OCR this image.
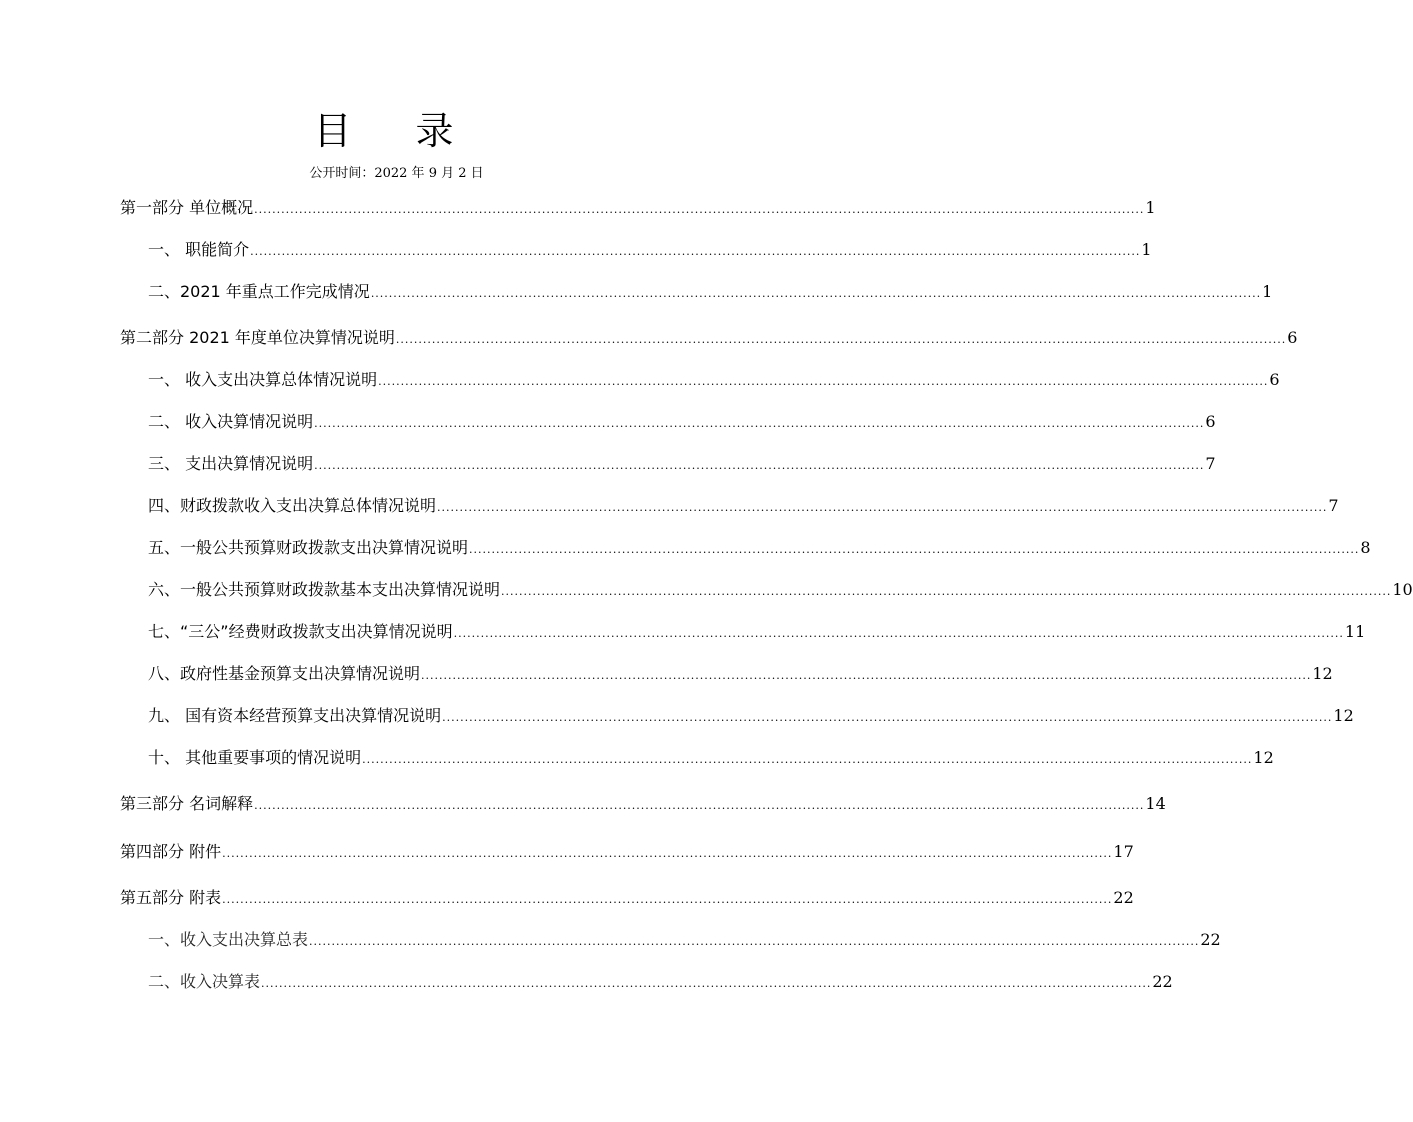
目 录
公开时间：2022 年 9 月 2 日
第一部分 单位概况 ...................................................................................................................................................................................................... 1
一、 职能简介 ...................................................................................................................................................................................................... 1
二、2021 年重点工作完成情况 ...................................................................................................................................................................................................... 1
第二部分 2021 年度单位决算情况说明 ...................................................................................................................................................................................................... 6
一、 收入支出决算总体情况说明 ...................................................................................................................................................................................................... 6
二、 收入决算情况说明 ...................................................................................................................................................................................................... 6
三、 支出决算情况说明 ...................................................................................................................................................................................................... 7
四、财政拨款收入支出决算总体情况说明 ...................................................................................................................................................................................................... 7
五、一般公共预算财政拨款支出决算情况说明 ...................................................................................................................................................................................................... 8
六、一般公共预算财政拨款基本支出决算情况说明 ...................................................................................................................................................................................................... 10
七、“三公”经费财政拨款支出决算情况说明 ...................................................................................................................................................................................................... 11
八、政府性基金预算支出决算情况说明 ...................................................................................................................................................................................................... 12
九、 国有资本经营预算支出决算情况说明 ...................................................................................................................................................................................................... 12
十、 其他重要事项的情况说明 ...................................................................................................................................................................................................... 12
第三部分 名词解释 ...................................................................................................................................................................................................... 14
第四部分 附件 ...................................................................................................................................................................................................... 17
第五部分 附表 ...................................................................................................................................................................................................... 22
一、收入支出决算总表 ...................................................................................................................................................................................................... 22
二、收入决算表 ...................................................................................................................................................................................................... 22
